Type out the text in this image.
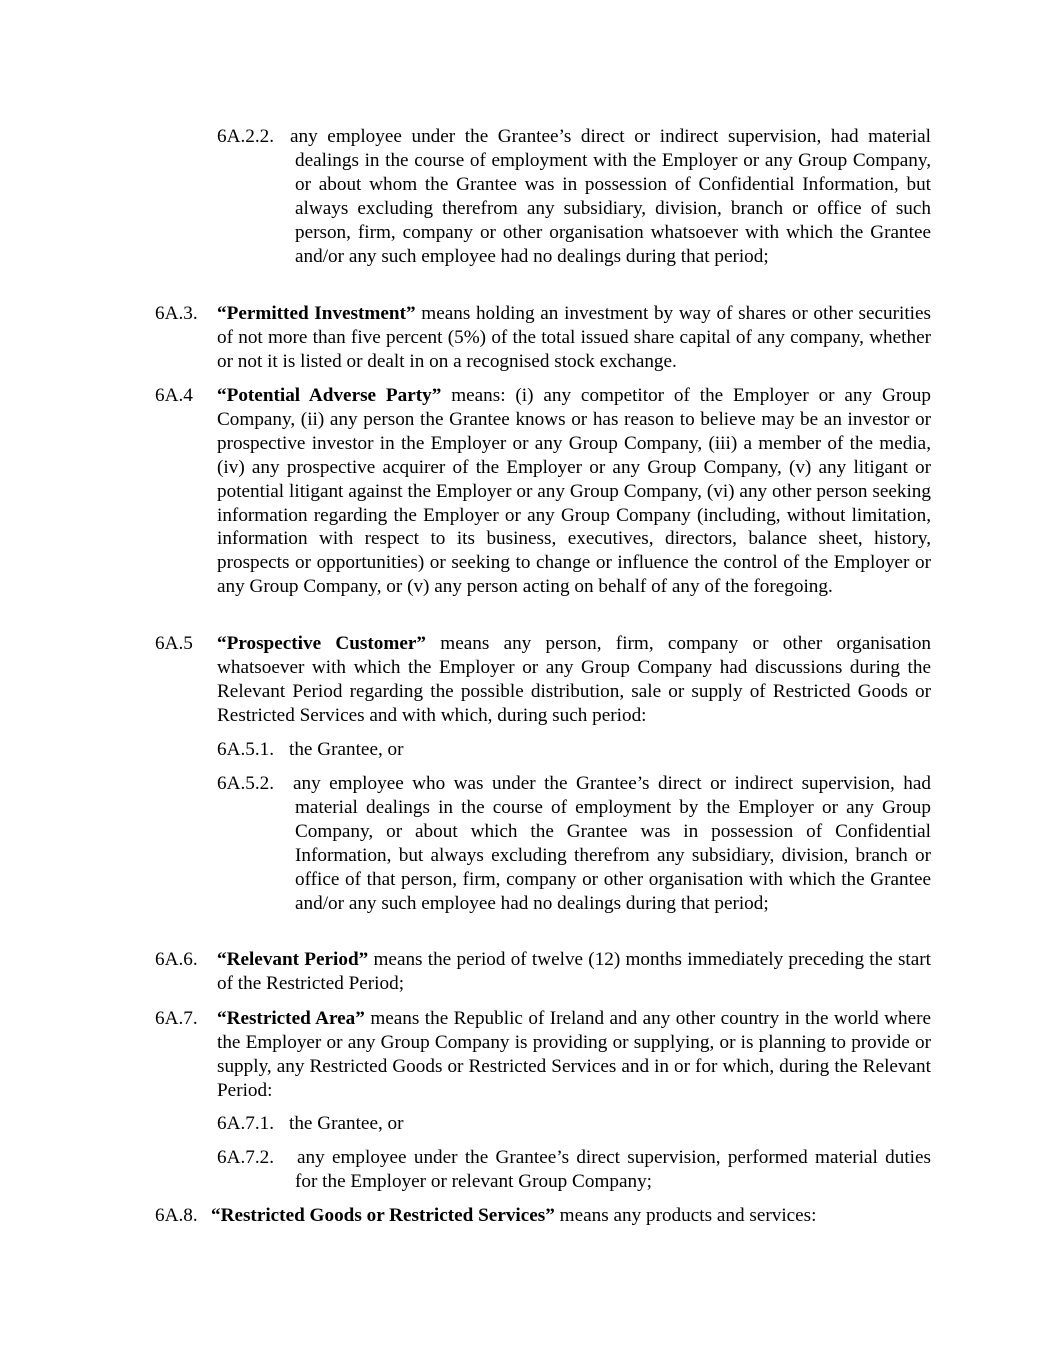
6A.2.2. any employee under the Grantee’s direct or indirect supervision, had material dealings in the course of employment with the Employer or any Group Company, or about whom the Grantee was in possession of Confidential Information, but always excluding therefrom any subsidiary, division, branch or office of such person, firm, company or other organisation whatsoever with which the Grantee and/or any such employee had no dealings during that period;

6A.3. “Permitted Investment” means holding an investment by way of shares or other securities of not more than five percent (5%) of the total issued share capital of any company, whether or not it is listed or dealt in on a recognised stock exchange.

6A.4 “Potential Adverse Party” means: (i) any competitor of the Employer or any Group Company, (ii) any person the Grantee knows or has reason to believe may be an investor or prospective investor in the Employer or any Group Company, (iii) a member of the media, (iv) any prospective acquirer of the Employer or any Group Company, (v) any litigant or potential litigant against the Employer or any Group Company, (vi) any other person seeking information regarding the Employer or any Group Company (including, without limitation, information with respect to its business, executives, directors, balance sheet, history, prospects or opportunities) or seeking to change or influence the control of the Employer or any Group Company, or (v) any person acting on behalf of any of the foregoing.

6A.5 “Prospective Customer” means any person, firm, company or other organisation whatsoever with which the Employer or any Group Company had discussions during the Relevant Period regarding the possible distribution, sale or supply of Restricted Goods or Restricted Services and with which, during such period:

6A.5.1. the Grantee, or

6A.5.2. any employee who was under the Grantee’s direct or indirect supervision, had material dealings in the course of employment by the Employer or any Group Company, or about which the Grantee was in possession of Confidential Information, but always excluding therefrom any subsidiary, division, branch or office of that person, firm, company or other organisation with which the Grantee and/or any such employee had no dealings during that period;

6A.6. “Relevant Period” means the period of twelve (12) months immediately preceding the start of the Restricted Period;

6A.7. “Restricted Area” means the Republic of Ireland and any other country in the world where the Employer or any Group Company is providing or supplying, or is planning to provide or supply, any Restricted Goods or Restricted Services and in or for which, during the Relevant Period:

6A.7.1. the Grantee, or

6A.7.2. any employee under the Grantee’s direct supervision, performed material duties for the Employer or relevant Group Company;

6A.8. “Restricted Goods or Restricted Services” means any products and services:
